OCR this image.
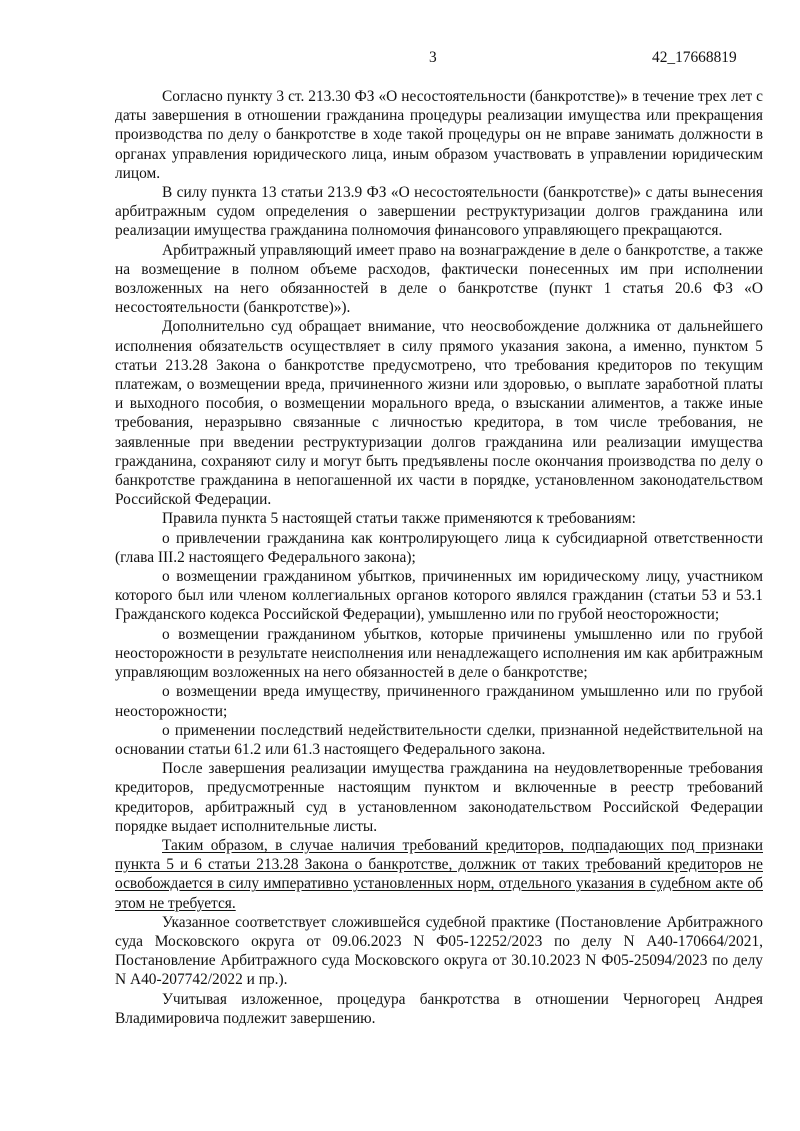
3	42_17668819

Согласно пункту 3 ст. 213.30 ФЗ «О несостоятельности (банкротстве)» в течение трех лет с даты завершения в отношении гражданина процедуры реализации имущества или прекращения производства по делу о банкротстве в ходе такой процедуры он не вправе занимать должности в органах управления юридического лица, иным образом участвовать в управлении юридическим лицом.

В силу пункта 13 статьи 213.9 ФЗ «О несостоятельности (банкротстве)» с даты вынесения арбитражным судом определения о завершении реструктуризации долгов гражданина или реализации имущества гражданина полномочия финансового управляющего прекращаются.

Арбитражный управляющий имеет право на вознаграждение в деле о банкротстве, а также на возмещение в полном объеме расходов, фактически понесенных им при исполнении возложенных на него обязанностей в деле о банкротстве (пункт 1 статья 20.6 ФЗ «О несостоятельности (банкротстве)»).

Дополнительно суд обращает внимание, что неосвобождение должника от дальнейшего исполнения обязательств осуществляет в силу прямого указания закона, а именно, пунктом 5 статьи 213.28 Закона о банкротстве предусмотрено, что требования кредиторов по текущим платежам, о возмещении вреда, причиненного жизни или здоровью, о выплате заработной платы и выходного пособия, о возмещении морального вреда, о взыскании алиментов, а также иные требования, неразрывно связанные с личностью кредитора, в том числе требования, не заявленные при введении реструктуризации долгов гражданина или реализации имущества гражданина, сохраняют силу и могут быть предъявлены после окончания производства по делу о банкротстве гражданина в непогашенной их части в порядке, установленном законодательством Российской Федерации.

Правила пункта 5 настоящей статьи также применяются к требованиям:

о привлечении гражданина как контролирующего лица к субсидиарной ответственности (глава III.2 настоящего Федерального закона);

о возмещении гражданином убытков, причиненных им юридическому лицу, участником которого был или членом коллегиальных органов которого являлся гражданин (статьи 53 и 53.1 Гражданского кодекса Российской Федерации), умышленно или по грубой неосторожности;

о возмещении гражданином убытков, которые причинены умышленно или по грубой неосторожности в результате неисполнения или ненадлежащего исполнения им как арбитражным управляющим возложенных на него обязанностей в деле о банкротстве;

о возмещении вреда имуществу, причиненного гражданином умышленно или по грубой неосторожности;

о применении последствий недействительности сделки, признанной недействительной на основании статьи 61.2 или 61.3 настоящего Федерального закона.

После завершения реализации имущества гражданина на неудовлетворенные требования кредиторов, предусмотренные настоящим пунктом и включенные в реестр требований кредиторов, арбитражный суд в установленном законодательством Российской Федерации порядке выдает исполнительные листы.

Таким образом, в случае наличия требований кредиторов, подпадающих под признаки пункта 5 и 6 статьи 213.28 Закона о банкротстве, должник от таких требований кредиторов не освобождается в силу императивно установленных норм, отдельного указания в судебном акте об этом не требуется.

Указанное соответствует сложившейся судебной практике (Постановление Арбитражного суда Московского округа от 09.06.2023 N Ф05-12252/2023 по делу N А40-170664/2021, Постановление Арбитражного суда Московского округа от 30.10.2023 N Ф05-25094/2023 по делу N А40-207742/2022 и пр.).

Учитывая изложенное, процедура банкротства в отношении Черногорец Андрея Владимировича подлежит завершению.
